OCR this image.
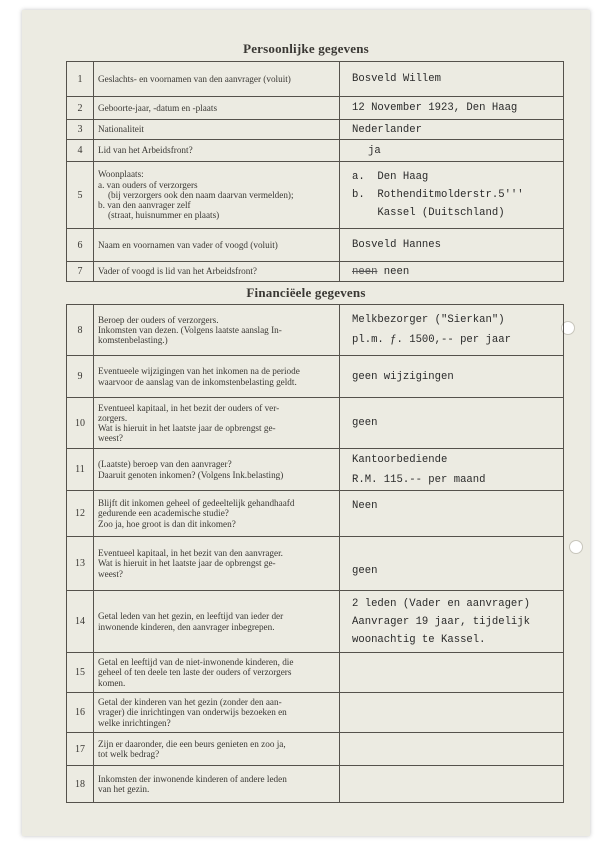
Persoonlijke gegevens
1	Geslachts- en voornamen van den aanvrager (voluit)	Bosveld Willem

2	Geboorte-jaar, -datum en -plaats	12 November 1923, Den Haag

3	Nationaliteit	Nederlander

4	Lid van het Arbeidsfront?	ja

5	Woonplaats:
a. van ouders of verzorgers
(bij verzorgers ook den naam daarvan vermelden);
b. van den aanvrager zelf
(straat, huisnummer en plaats)	a.  Den Haag
b.  Rothenditmolderstr.5'''
Kassel (Duitschland)

6	Naam en voornamen van vader of voogd (voluit)	Bosveld Hannes

7	Vader of voogd is lid van het Arbeidsfront?	neen neen
Financiëele gegevens
8	Beroep der ouders of verzorgers.
Inkomsten van dezen. (Volgens laatste aanslag In-
komstenbelasting.)	Melkbezorger ("Sierkan")
pl.m. ƒ. 1500,-- per jaar

9	Eventueele wijzigingen van het inkomen na de periode
waarvoor de aanslag van de inkomstenbelasting geldt.	geen wijzigingen

10	Eventueel kapitaal, in het bezit der ouders of ver-
zorgers.
Wat is hieruit in het laatste jaar de opbrengst ge-
weest?	geen

11	(Laatste) beroep van den aanvrager?
Daaruit genoten inkomen? (Volgens Ink.belasting)	Kantoorbediende
R.M. 115.-- per maand

12	Blijft dit inkomen geheel of gedeeltelijk gehandhaafd
gedurende een academische studie?
Zoo ja, hoe groot is dan dit inkomen?	Neen

13	Eventueel kapitaal, in het bezit van den aanvrager.
Wat is hieruit in het laatste jaar de opbrengst ge-
weest?	geen

14	Getal leden van het gezin, en leeftijd van ieder der
inwonende kinderen, den aanvrager inbegrepen.	2 leden (Vader en aanvrager)
Aanvrager 19 jaar, tijdelijk
woonachtig te Kassel.

15	Getal en leeftijd van de niet-inwonende kinderen, die
geheel of ten deele ten laste der ouders of verzorgers
komen.	

16	Getal der kinderen van het gezin (zonder den aan-
vrager) die inrichtingen van onderwijs bezoeken en
welke inrichtingen?	

17	Zijn er daaronder, die een beurs genieten en zoo ja,
tot welk bedrag?	

18	Inkomsten der inwonende kinderen of andere leden
van het gezin.	
